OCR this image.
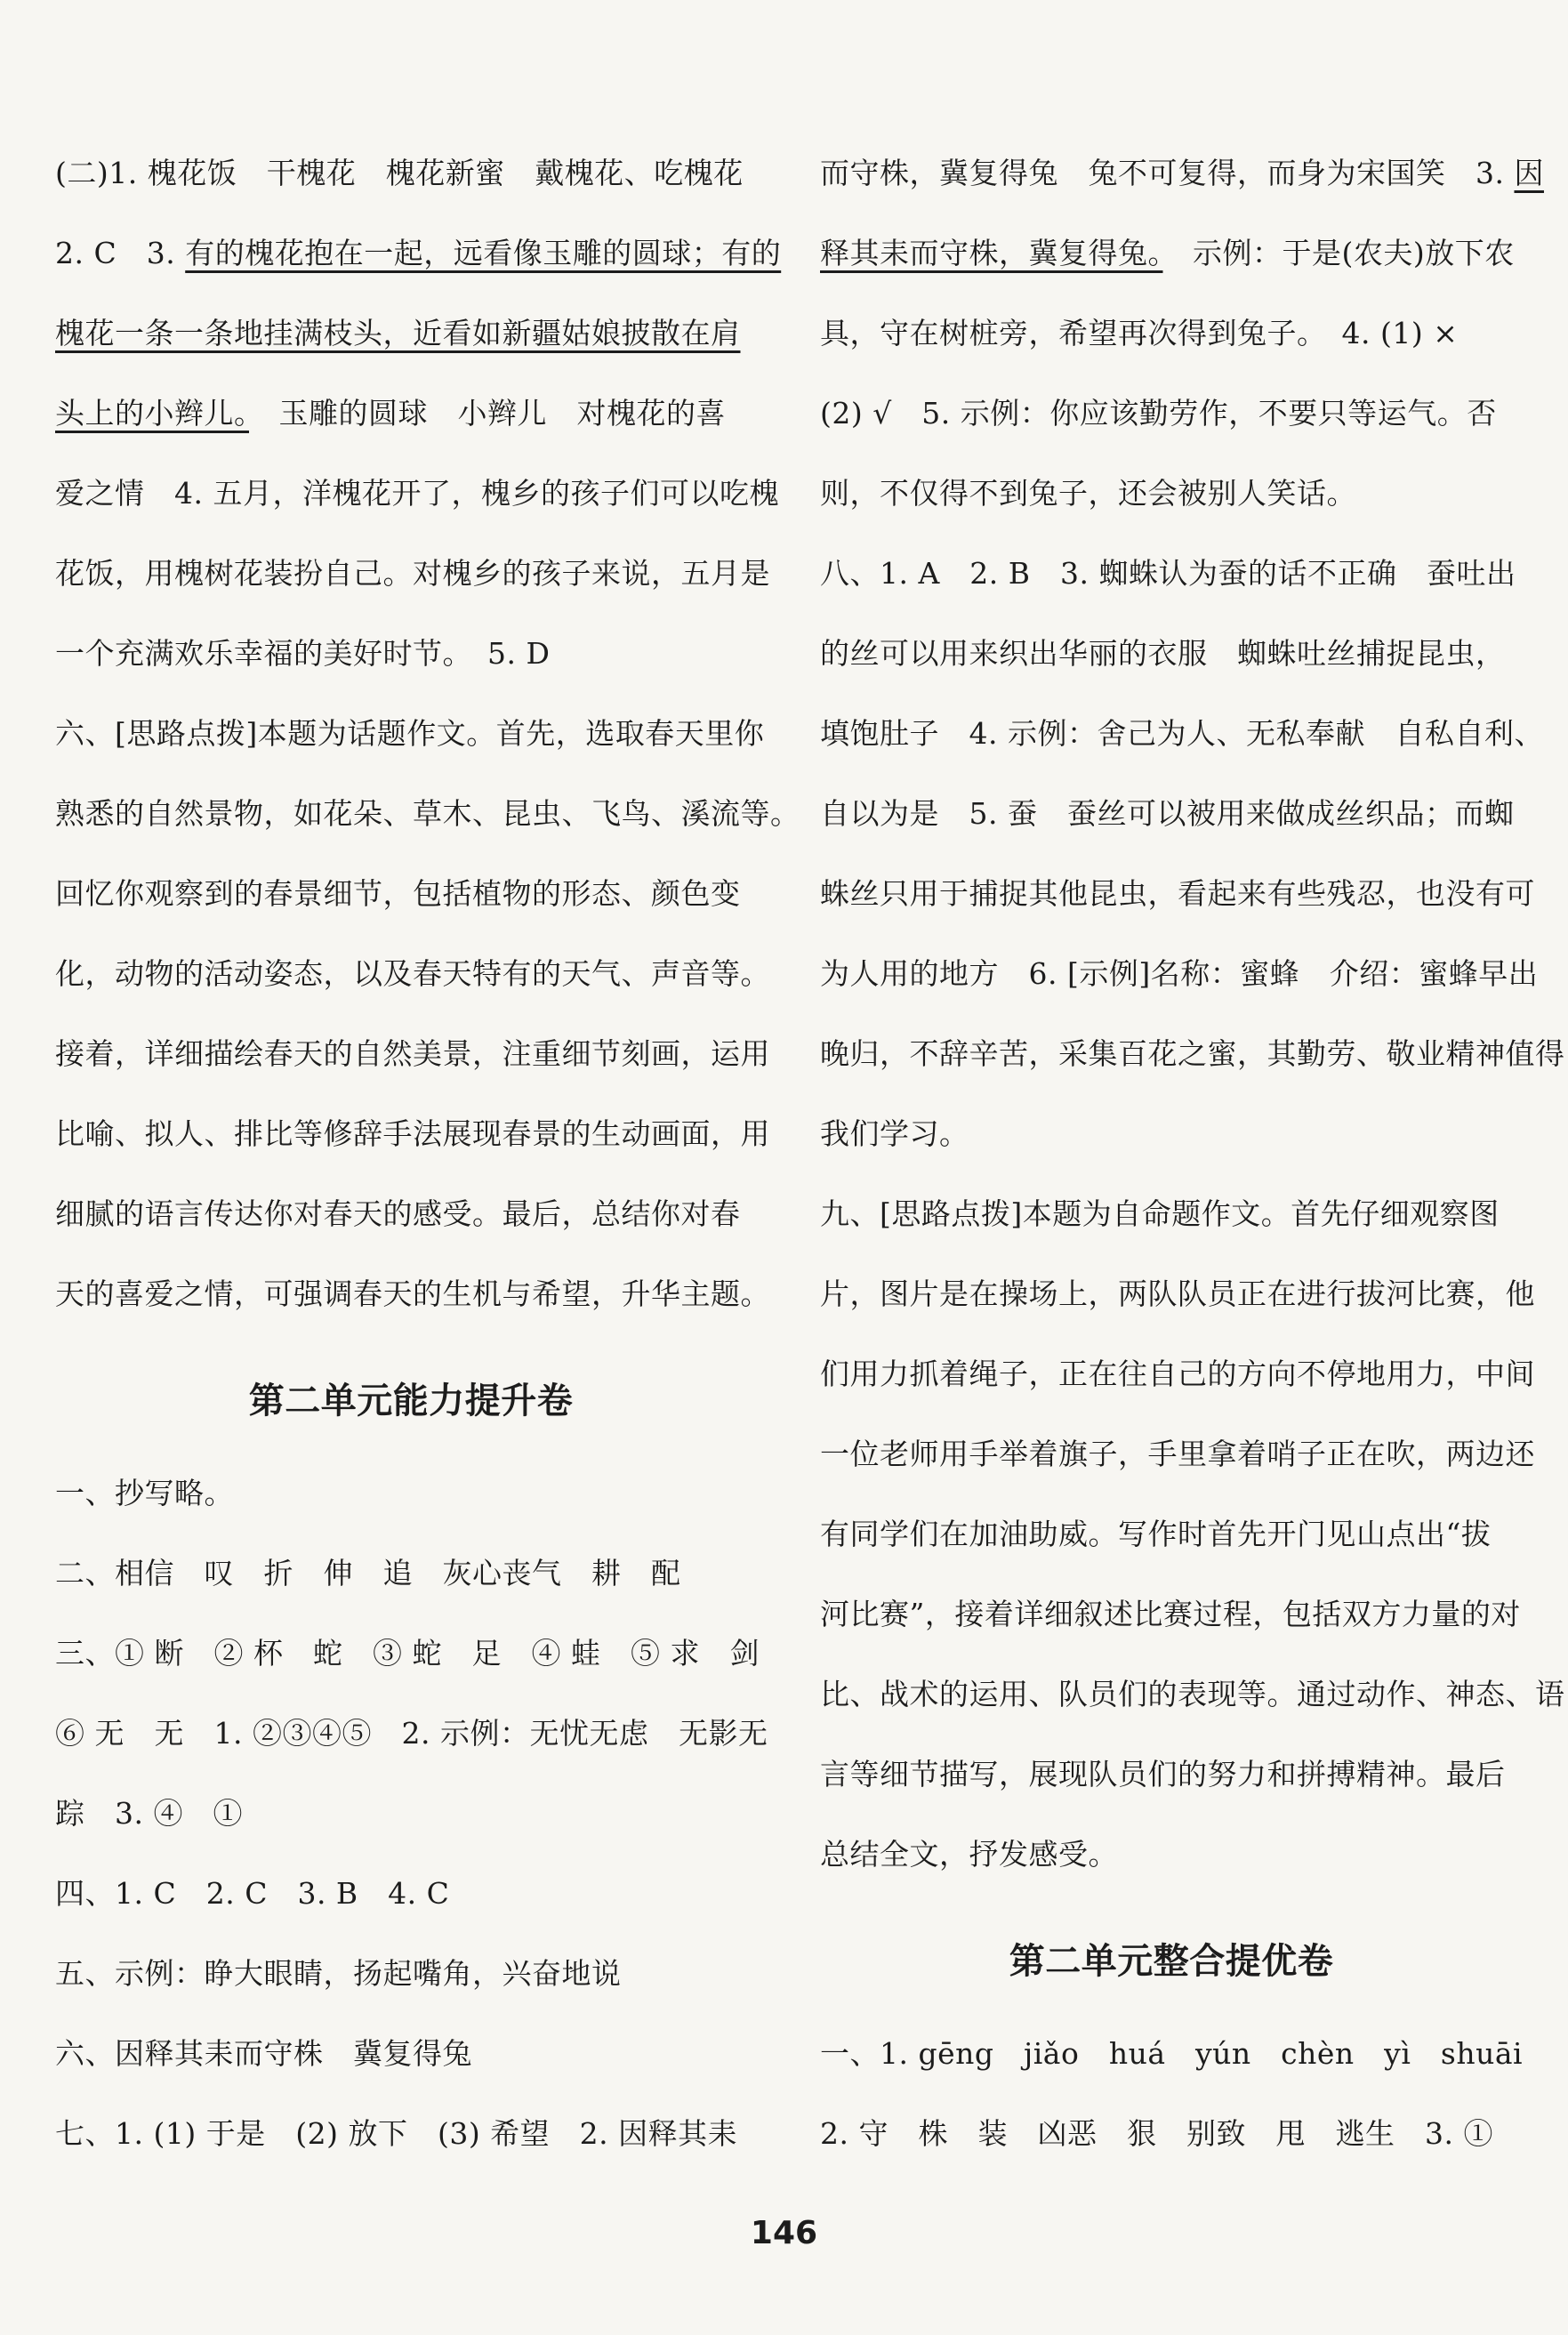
(二)1. 槐花饭　干槐花　槐花新蜜　戴槐花、吃槐花

2. C　3. 有的槐花抱在一起，远看像玉雕的圆球；有的

槐花一条一条地挂满枝头，近看如新疆姑娘披散在肩

头上的小辫儿。　玉雕的圆球　小辫儿　对槐花的喜

爱之情　4. 五月，洋槐花开了，槐乡的孩子们可以吃槐

花饭，用槐树花装扮自己。对槐乡的孩子来说，五月是

一个充满欢乐幸福的美好时节。　5. D

六、[思路点拨]本题为话题作文。首先，选取春天里你

熟悉的自然景物，如花朵、草木、昆虫、飞鸟、溪流等。

回忆你观察到的春景细节，包括植物的形态、颜色变

化，动物的活动姿态，以及春天特有的天气、声音等。

接着，详细描绘春天的自然美景，注重细节刻画，运用

比喻、拟人、排比等修辞手法展现春景的生动画面，用

细腻的语言传达你对春天的感受。最后，总结你对春

天的喜爱之情，可强调春天的生机与希望，升华主题。

第二单元能力提升卷

一、抄写略。

二、相信　叹　折　伸　追　灰心丧气　耕　配

三、① 断　② 杯　蛇　③ 蛇　足　④ 蛙　⑤ 求　剑

⑥ 无　无　1. ②③④⑤　2. 示例：无忧无虑　无影无

踪　3. ④　①

四、1. C　2. C　3. B　4. C

五、示例：睁大眼睛，扬起嘴角，兴奋地说

六、因释其耒而守株　冀复得兔

七、1. (1) 于是　(2) 放下　(3) 希望　2. 因释其耒

而守株，冀复得兔　兔不可复得，而身为宋国笑　3. 因

释其耒而守株，冀复得兔。　示例：于是(农夫)放下农

具，守在树桩旁，希望再次得到兔子。　4. (1) ×

(2) √　5. 示例：你应该勤劳作，不要只等运气。否

则，不仅得不到兔子，还会被别人笑话。

八、1. A　2. B　3. 蜘蛛认为蚕的话不正确　蚕吐出

的丝可以用来织出华丽的衣服　蜘蛛吐丝捕捉昆虫，

填饱肚子　4. 示例：舍己为人、无私奉献　自私自利、

自以为是　5. 蚕　蚕丝可以被用来做成丝织品；而蜘

蛛丝只用于捕捉其他昆虫，看起来有些残忍，也没有可

为人用的地方　6. [示例]名称：蜜蜂　介绍：蜜蜂早出

晚归，不辞辛苦，采集百花之蜜，其勤劳、敬业精神值得

我们学习。

九、[思路点拨]本题为自命题作文。首先仔细观察图

片，图片是在操场上，两队队员正在进行拔河比赛，他

们用力抓着绳子，正在往自己的方向不停地用力，中间

一位老师用手举着旗子，手里拿着哨子正在吹，两边还

有同学们在加油助威。写作时首先开门见山点出“拔

河比赛”，接着详细叙述比赛过程，包括双方力量的对

比、战术的运用、队员们的表现等。通过动作、神态、语

言等细节描写，展现队员们的努力和拼搏精神。最后

总结全文，抒发感受。

第二单元整合提优卷

一、1. gēng　jiǎo　huá　yún　chèn　yì　shuāi

2. 守　株　装　凶恶　狠　别致　甩　逃生　3. ①

146
